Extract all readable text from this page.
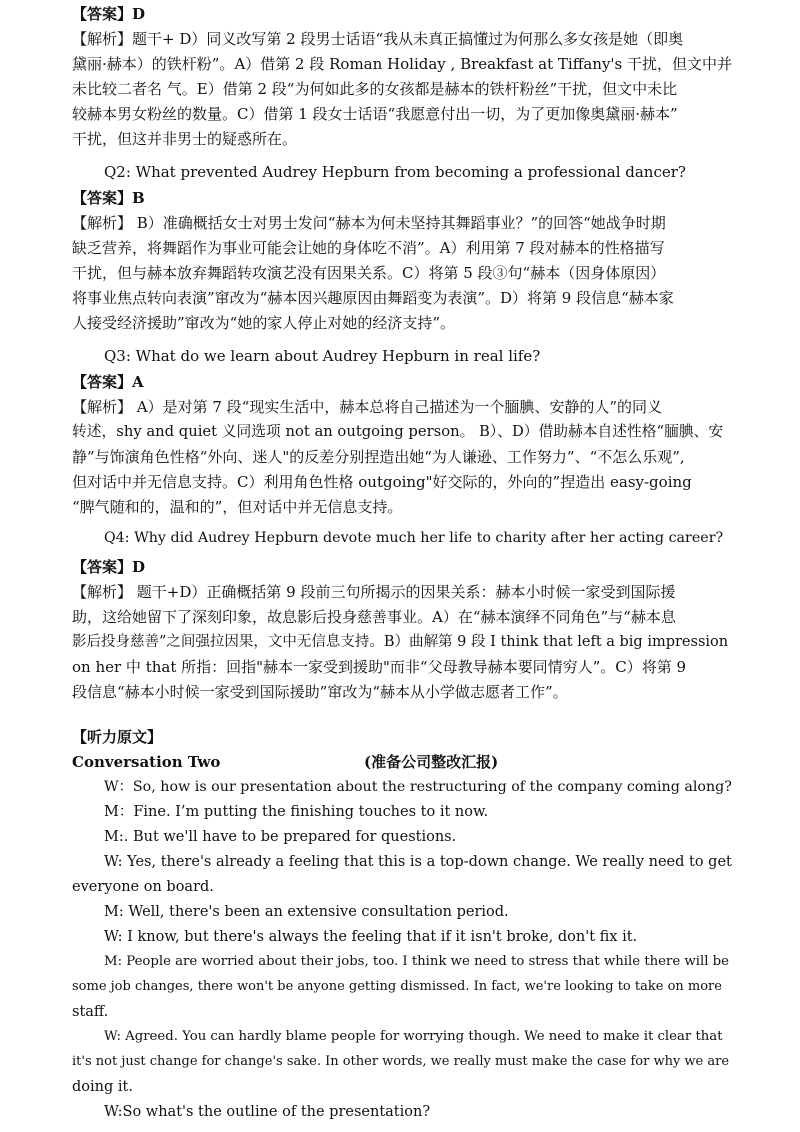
【答案】D
【解析】题干+ D）同义改写第 2 段男士话语“我从未真正搞懂过为何那么多女孩是她（即奥
黛丽·赫本）的铁杆粉”。A）借第 2 段 Roman Holiday , Breakfast at Tiffany's 干扰，但文中并
未比较二者名 气。E）借第 2 段“为何如此多的女孩都是赫本的铁杆粉丝”干扰，但文中未比
较赫本男女粉丝的数量。C）借第 1 段女士话语“我愿意付出一切，为了更加像奥黛丽·赫本”
干扰，但这并非男士的疑惑所在。
Q2: What prevented Audrey Hepburn from becoming a professional dancer?
【答案】B
【解析】 B）准确概括女士对男士发问“赫本为何未坚持其舞蹈事业？”的回答“她战争时期
缺乏营养，将舞蹈作为事业可能会让她的身体吃不消”。A）利用第 7 段对赫本的性格描写
干扰，但与赫本放弃舞蹈转攻演艺没有因果关系。C）将第 5 段③句“赫本（因身体原因）
将事业焦点转向表演”窜改为“赫本因兴趣原因由舞蹈变为表演”。D）将第 9 段信息“赫本家
人接受经济援助”窜改为“她的家人停止对她的经济支持”。
Q3: What do we learn about Audrey Hepburn in real life?
【答案】A
【解析】 A）是对第 7 段“现实生活中，赫本总将自己描述为一个腼腆、安静的人”的同义
转述，shy and quiet 义同选项 not an outgoing person。 B）、D）借助赫本自述性格“腼腆、安
静”与饰演角色性格“外向、迷人"的反差分别捏造出她“为人谦逊、工作努力”、“不怎么乐观”,
但对话中并无信息支持。C）利用角色性格 outgoing"好交际的，外向的”捏造出 easy-going
“脾气随和的，温和的”，但对话中并无信息支持。
Q4: Why did Audrey Hepburn devote much her life to charity after her acting career?
【答案】D
【解析】 题干+D）正确概括第 9 段前三句所揭示的因果关系：赫本小时候一家受到国际援
助，这给她留下了深刻印象，故息影后投身慈善事业。A）在“赫本演绎不同角色”与“赫本息
影后投身慈善”之间强拉因果，文中无信息支持。B）曲解第 9 段 I think that left a big impression
on her 中 that 所指：回指"赫本一家受到援助"而非“父母教导赫本要同情穷人”。C）将第 9
段信息“赫本小时候一家受到国际援助”窜改为“赫本从小学做志愿者工作”。
【听力原文】
Conversation Two	(准备公司整改汇报)
W：So, how is our presentation about the restructuring of the company coming along?
M：Fine. I’m putting the finishing touches to it now.
M:. But we'll have to be prepared for questions.
W: Yes, there's already a feeling that this is a top-down change. We really need to get
everyone on board.
M: Well, there's been an extensive consultation period.
W: I know, but there's always the feeling that if it isn't broke, don't fix it.
M: People are worried about their jobs, too. I think we need to stress that while there will be
some job changes, there won't be anyone getting dismissed. In fact, we're looking to take on more
staff.
W: Agreed. You can hardly blame people for worrying though. We need to make it clear that
it's not just change for change's sake. In other words, we really must make the case for why we are
doing it.
W:So what's the outline of the presentation?
